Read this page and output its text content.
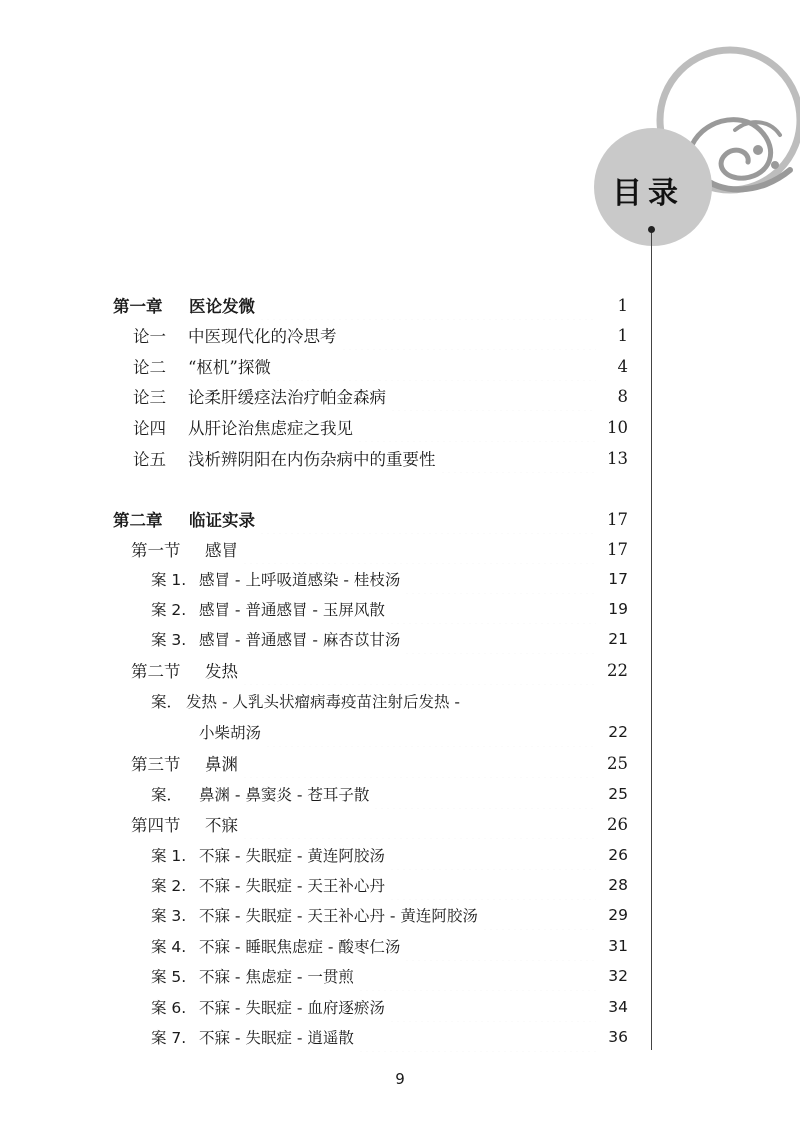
目录
第一章	医论发微	1
论一	中医现代化的冷思考	1
论二	“枢机”探微	4
论三	论柔肝缓痉法治疗帕金森病	8
论四	从肝论治焦虑症之我见	10
论五	浅析辨阴阳在内伤杂病中的重要性	13
第二章	临证实录	17
第一节	感冒	17
案 1. 感冒 - 上呼吸道感染 - 桂枝汤	17
案 2. 感冒 - 普通感冒 - 玉屏风散	19
案 3. 感冒 - 普通感冒 - 麻杏苡甘汤	21
第二节	发热	22
案． 发热 - 人乳头状瘤病毒疫苗注射后发热 -
小柴胡汤	22
第三节	鼻渊	25
案．	鼻渊 - 鼻窦炎 - 苍耳子散	25
第四节	不寐	26
案 1. 不寐 - 失眠症 - 黄连阿胶汤	26
案 2. 不寐 - 失眠症 - 天王补心丹	28
案 3. 不寐 - 失眠症 - 天王补心丹 - 黄连阿胶汤	29
案 4. 不寐 - 睡眠焦虑症 - 酸枣仁汤	31
案 5. 不寐 - 焦虑症 - 一贯煎	32
案 6. 不寐 - 失眠症 - 血府逐瘀汤	34
案 7. 不寐 - 失眠症 - 逍遥散	36
9
